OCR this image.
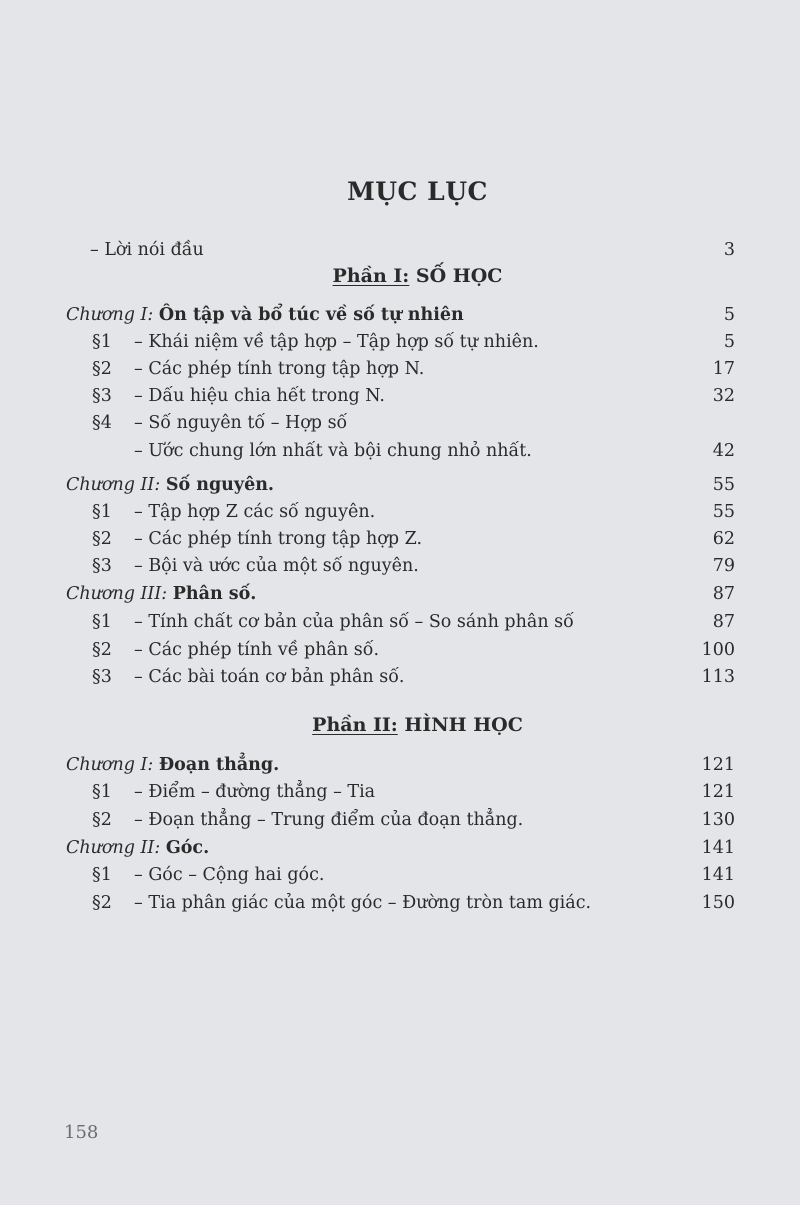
MỤC LỤC
– Lời nói đầu	3
Phần I: SỐ HỌC
Chương I: Ôn tập và bổ túc về số tự nhiên	5
§1 – Khái niệm về tập hợp – Tập hợp số tự nhiên.	5
§2 – Các phép tính trong tập hợp N.	17
§3 – Dấu hiệu chia hết trong N.	32
§4 – Số nguyên tố – Hợp số
– Ước chung lớn nhất và bội chung nhỏ nhất.	42
Chương II: Số nguyên.	55
§1 – Tập hợp Z các số nguyên.	55
§2 – Các phép tính trong tập hợp Z.	62
§3 – Bội và ước của một số nguyên.	79
Chương III: Phân số.	87
§1 – Tính chất cơ bản của phân số – So sánh phân số	87
§2 – Các phép tính về phân số.	100
§3 – Các bài toán cơ bản phân số.	113
Phần II: HÌNH HỌC
Chương I: Đoạn thẳng.	121
§1 – Điểm – đường thẳng – Tia	121
§2 – Đoạn thẳng – Trung điểm của đoạn thẳng.	130
Chương II: Góc.	141
§1 – Góc – Cộng hai góc.	141
§2 – Tia phân giác của một góc – Đường tròn tam giác.	150
158
